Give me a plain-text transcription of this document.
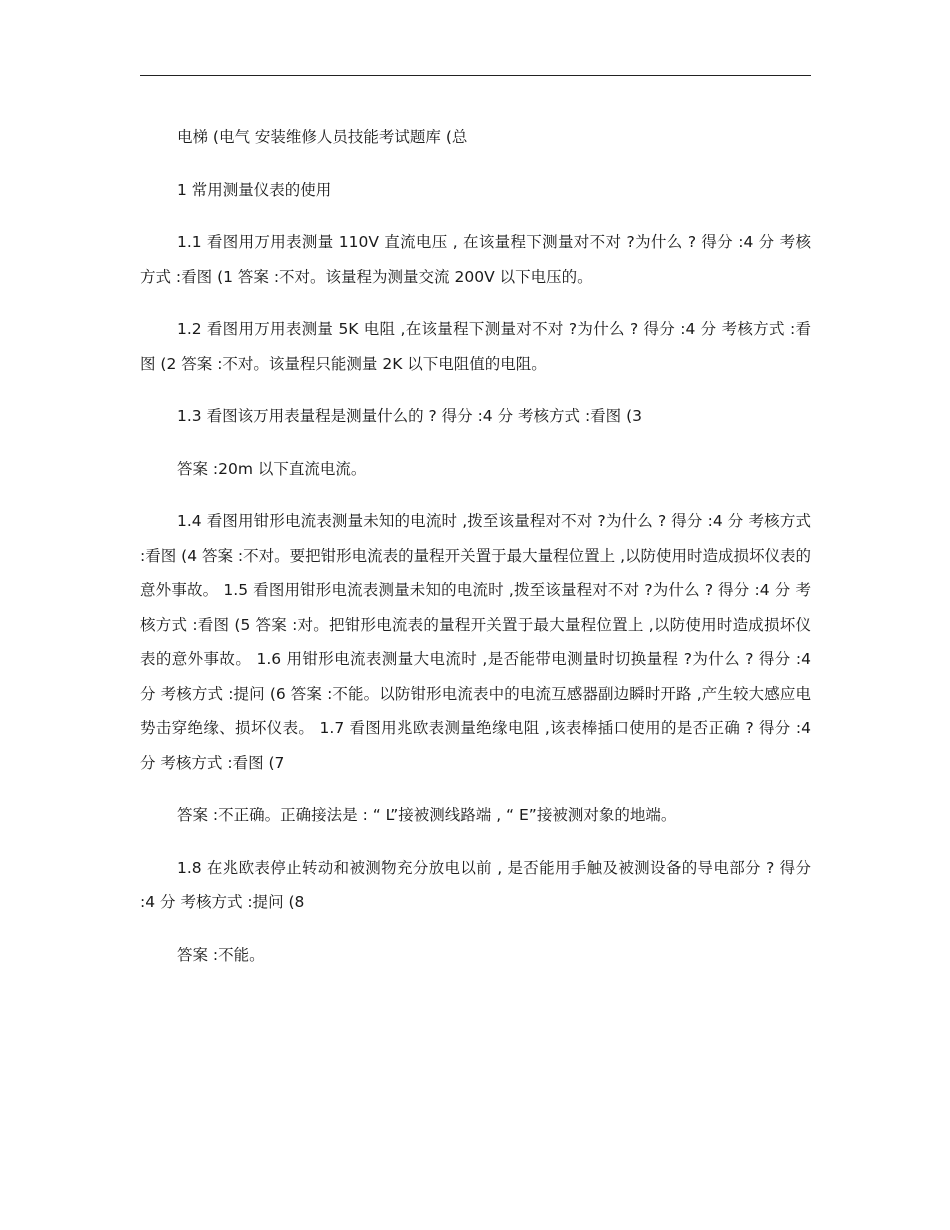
电梯 (电气 安装维修人员技能考试题库 (总

1 常用测量仪表的使用

1.1 看图用万用表测量 110V 直流电压 , 在该量程下测量对不对 ?为什么 ? 得分 :4 分 考核方式 :看图 (1 答案 :不对。该量程为测量交流 200V 以下电压的。

1.2 看图用万用表测量 5K 电阻 ,在该量程下测量对不对 ?为什么 ? 得分 :4 分 考核方式 :看图 (2 答案 :不对。该量程只能测量 2K 以下电阻值的电阻。

1.3 看图该万用表量程是测量什么的 ? 得分 :4 分 考核方式 :看图 (3

答案 :20m 以下直流电流。

1.4 看图用钳形电流表测量未知的电流时 ,拨至该量程对不对 ?为什么 ? 得分 :4 分 考核方式 :看图 (4 答案 :不对。要把钳形电流表的量程开关置于最大量程位置上 ,以防使用时造成损坏仪表的意外事故。 1.5 看图用钳形电流表测量未知的电流时 ,拨至该量程对不对 ?为什么 ? 得分 :4 分 考核方式 :看图 (5 答案 :对。把钳形电流表的量程开关置于最大量程位置上 ,以防使用时造成损坏仪表的意外事故。 1.6 用钳形电流表测量大电流时 ,是否能带电测量时切换量程 ?为什么 ? 得分 :4 分 考核方式 :提问 (6 答案 :不能。以防钳形电流表中的电流互感器副边瞬时开路 ,产生较大感应电势击穿绝缘、损坏仪表。 1.7 看图用兆欧表测量绝缘电阻 ,该表棒插口使用的是否正确 ? 得分 :4 分 考核方式 :看图 (7

答案 :不正确。正确接法是 : “ L”接被测线路端 , “ E”接被测对象的地端。

1.8 在兆欧表停止转动和被测物充分放电以前 , 是否能用手触及被测设备的导电部分 ? 得分 :4 分 考核方式 :提问 (8

答案 :不能。
